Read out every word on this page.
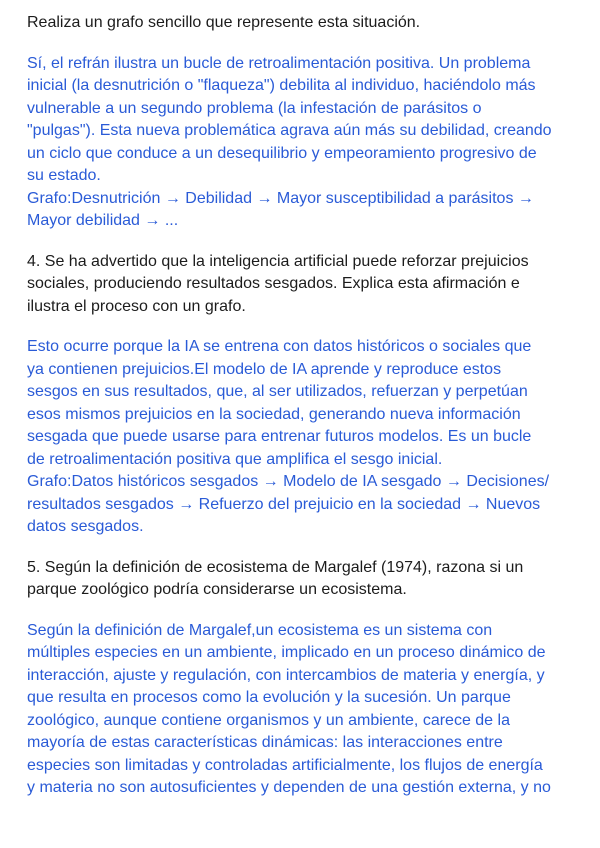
Realiza un grafo sencillo que represente esta situación.

Sí, el refrán ilustra un bucle de retroalimentación positiva. Un problema
inicial (la desnutrición o "flaqueza") debilita al individuo, haciéndolo más
vulnerable a un segundo problema (la infestación de parásitos o
"pulgas"). Esta nueva problemática agrava aún más su debilidad, creando
un ciclo que conduce a un desequilibrio y empeoramiento progresivo de
su estado.
Grafo:Desnutrición → Debilidad → Mayor susceptibilidad a parásitos →
Mayor debilidad → ...

4. Se ha advertido que la inteligencia artificial puede reforzar prejuicios
sociales, produciendo resultados sesgados. Explica esta afirmación e
ilustra el proceso con un grafo.

Esto ocurre porque la IA se entrena con datos históricos o sociales que
ya contienen prejuicios.El modelo de IA aprende y reproduce estos
sesgos en sus resultados, que, al ser utilizados, refuerzan y perpetúan
esos mismos prejuicios en la sociedad, generando nueva información
sesgada que puede usarse para entrenar futuros modelos. Es un bucle
de retroalimentación positiva que amplifica el sesgo inicial.
Grafo:Datos históricos sesgados → Modelo de IA sesgado → Decisiones/
resultados sesgados → Refuerzo del prejuicio en la sociedad → Nuevos
datos sesgados.

5. Según la definición de ecosistema de Margalef (1974), razona si un
parque zoológico podría considerarse un ecosistema.

Según la definición de Margalef,un ecosistema es un sistema con
múltiples especies en un ambiente, implicado en un proceso dinámico de
interacción, ajuste y regulación, con intercambios de materia y energía, y
que resulta en procesos como la evolución y la sucesión. Un parque
zoológico, aunque contiene organismos y un ambiente, carece de la
mayoría de estas características dinámicas: las interacciones entre
especies son limitadas y controladas artificialmente, los flujos de energía
y materia no son autosuficientes y dependen de una gestión externa, y no
